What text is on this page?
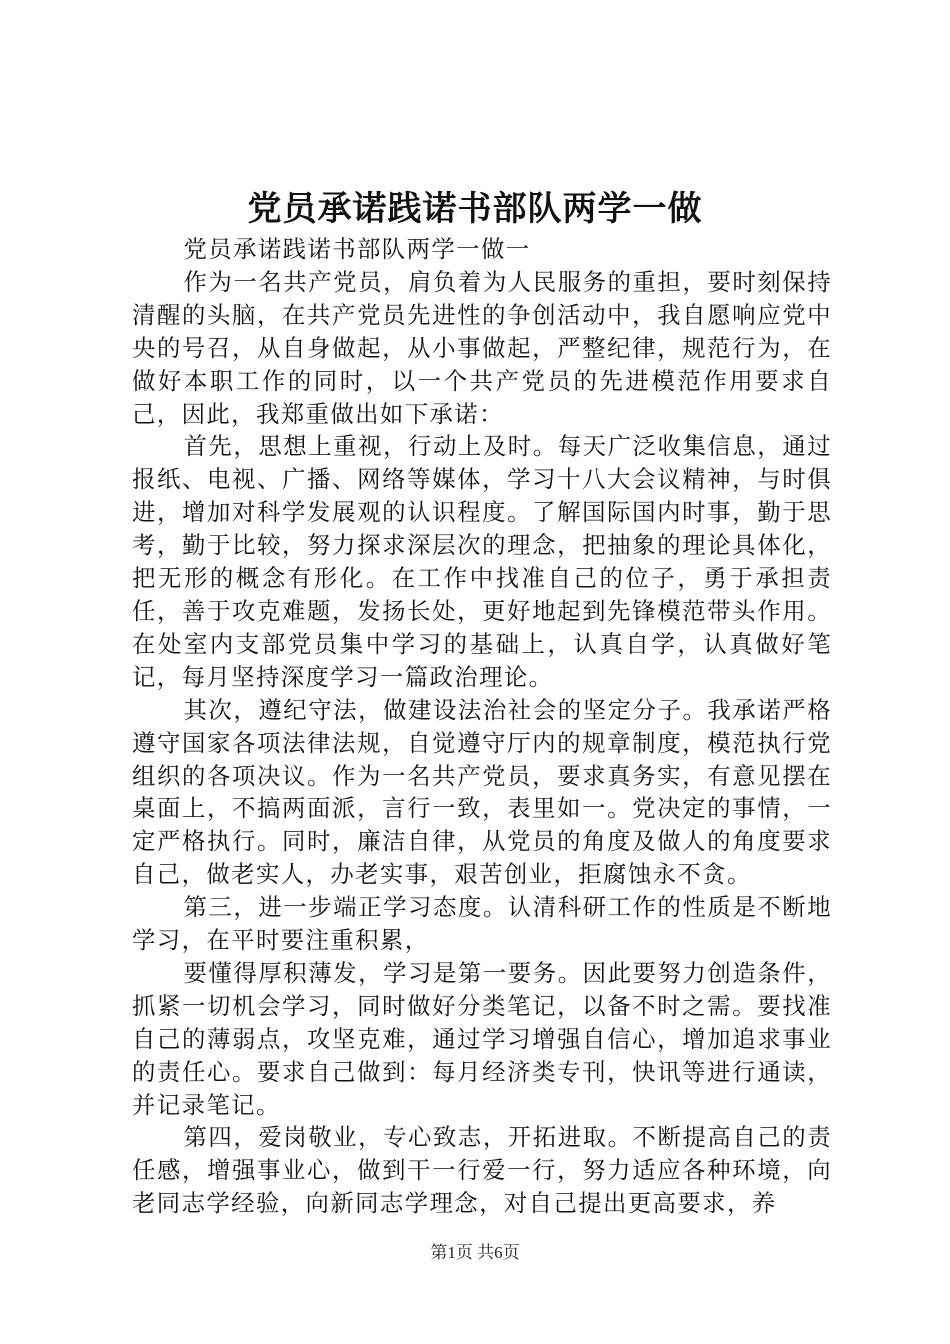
党员承诺践诺书部队两学一做

党员承诺践诺书部队两学一做一

作为一名共产党员，肩负着为人民服务的重担，要时刻保持清醒的头脑，在共产党员先进性的争创活动中，我自愿响应党中央的号召，从自身做起，从小事做起，严整纪律，规范行为，在做好本职工作的同时，以一个共产党员的先进模范作用要求自己，因此，我郑重做出如下承诺：

首先，思想上重视，行动上及时。每天广泛收集信息，通过报纸、电视、广播、网络等媒体，学习十八大会议精神，与时俱进，增加对科学发展观的认识程度。了解国际国内时事，勤于思考，勤于比较，努力探求深层次的理念，把抽象的理论具体化，把无形的概念有形化。在工作中找准自己的位子，勇于承担责任，善于攻克难题，发扬长处，更好地起到先锋模范带头作用。在处室内支部党员集中学习的基础上，认真自学，认真做好笔记，每月坚持深度学习一篇政治理论。

其次，遵纪守法，做建设法治社会的坚定分子。我承诺严格遵守国家各项法律法规，自觉遵守厅内的规章制度，模范执行党组织的各项决议。作为一名共产党员，要求真务实，有意见摆在桌面上，不搞两面派，言行一致，表里如一。党决定的事情，一定严格执行。同时，廉洁自律，从党员的角度及做人的角度要求自己，做老实人，办老实事，艰苦创业，拒腐蚀永不贪。

第三，进一步端正学习态度。认清科研工作的性质是不断地学习，在平时要注重积累，

要懂得厚积薄发，学习是第一要务。因此要努力创造条件，抓紧一切机会学习，同时做好分类笔记，以备不时之需。要找准自己的薄弱点，攻坚克难，通过学习增强自信心，增加追求事业的责任心。要求自己做到：每月经济类专刊，快讯等进行通读，并记录笔记。

第四，爱岗敬业，专心致志，开拓进取。不断提高自己的责任感，增强事业心，做到干一行爱一行，努力适应各种环境，向老同志学经验，向新同志学理念，对自己提出更高要求，养

第1页 共6页
